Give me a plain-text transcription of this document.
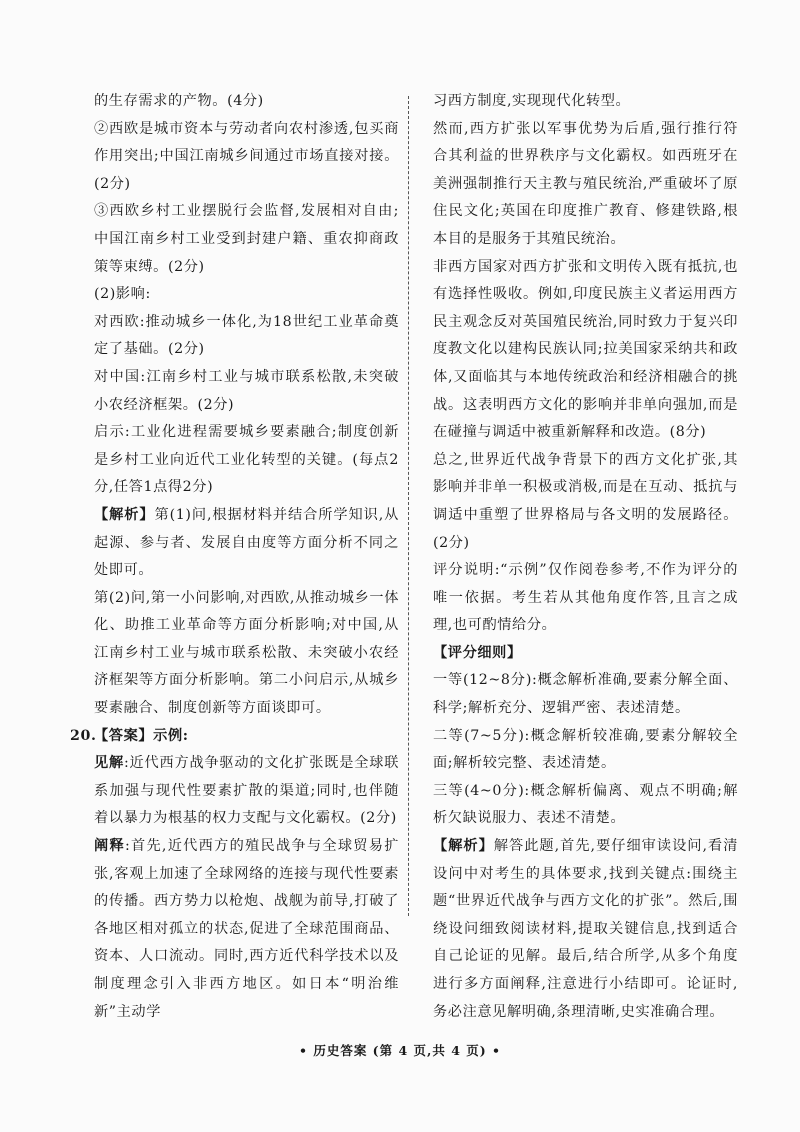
的生存需求的产物。(4分)

②西欧是城市资本与劳动者向农村渗透,包买商作用突出;中国江南城乡间通过市场直接对接。(2分)

③西欧乡村工业摆脱行会监督,发展相对自由;中国江南乡村工业受到封建户籍、重农抑商政策等束缚。(2分)

(2)影响:

对西欧:推动城乡一体化,为18世纪工业革命奠定了基础。(2分)

对中国:江南乡村工业与城市联系松散,未突破小农经济框架。(2分)

启示:工业化进程需要城乡要素融合;制度创新是乡村工业向近代工业化转型的关键。(每点2分,任答1点得2分)

【解析】第(1)问,根据材料并结合所学知识,从起源、参与者、发展自由度等方面分析不同之处即可。

第(2)问,第一小问影响,对西欧,从推动城乡一体化、助推工业革命等方面分析影响;对中国,从江南乡村工业与城市联系松散、未突破小农经济框架等方面分析影响。第二小问启示,从城乡要素融合、制度创新等方面谈即可。

20.
【答案】示例:

见解:近代西方战争驱动的文化扩张既是全球联系加强与现代性要素扩散的渠道;同时,也伴随着以暴力为根基的权力支配与文化霸权。(2分)

阐释:首先,近代西方的殖民战争与全球贸易扩张,客观上加速了全球网络的连接与现代性要素的传播。西方势力以枪炮、战舰为前导,打破了各地区相对孤立的状态,促进了全球范围商品、资本、人口流动。同时,西方近代科学技术以及制度理念引入非西方地区。如日本“明治维新”主动学

习西方制度,实现现代化转型。

然而,西方扩张以军事优势为后盾,强行推行符合其利益的世界秩序与文化霸权。如西班牙在美洲强制推行天主教与殖民统治,严重破坏了原住民文化;英国在印度推广教育、修建铁路,根本目的是服务于其殖民统治。

非西方国家对西方扩张和文明传入既有抵抗,也有选择性吸收。例如,印度民族主义者运用西方民主观念反对英国殖民统治,同时致力于复兴印度教文化以建构民族认同;拉美国家采纳共和政体,又面临其与本地传统政治和经济相融合的挑战。这表明西方文化的影响并非单向强加,而是在碰撞与调适中被重新解释和改造。(8分)

总之,世界近代战争背景下的西方文化扩张,其影响并非单一积极或消极,而是在互动、抵抗与调适中重塑了世界格局与各文明的发展路径。(2分)

评分说明:“示例”仅作阅卷参考,不作为评分的唯一依据。考生若从其他角度作答,且言之成理,也可酌情给分。

【评分细则】

一等(12~8分):概念解析准确,要素分解全面、科学;解析充分、逻辑严密、表述清楚。

二等(7~5分):概念解析较准确,要素分解较全面;解析较完整、表述清楚。

三等(4~0分):概念解析偏离、观点不明确;解析欠缺说服力、表述不清楚。

【解析】解答此题,首先,要仔细审读设问,看清设问中对考生的具体要求,找到关键点:围绕主题“世界近代战争与西方文化的扩张”。然后,围绕设问细致阅读材料,提取关键信息,找到适合自己论证的见解。最后,结合所学,从多个角度进行多方面阐释,注意进行小结即可。论证时,务必注意见解明确,条理清晰,史实准确合理。

• 历史答案 (第 4 页,共 4 页) •
